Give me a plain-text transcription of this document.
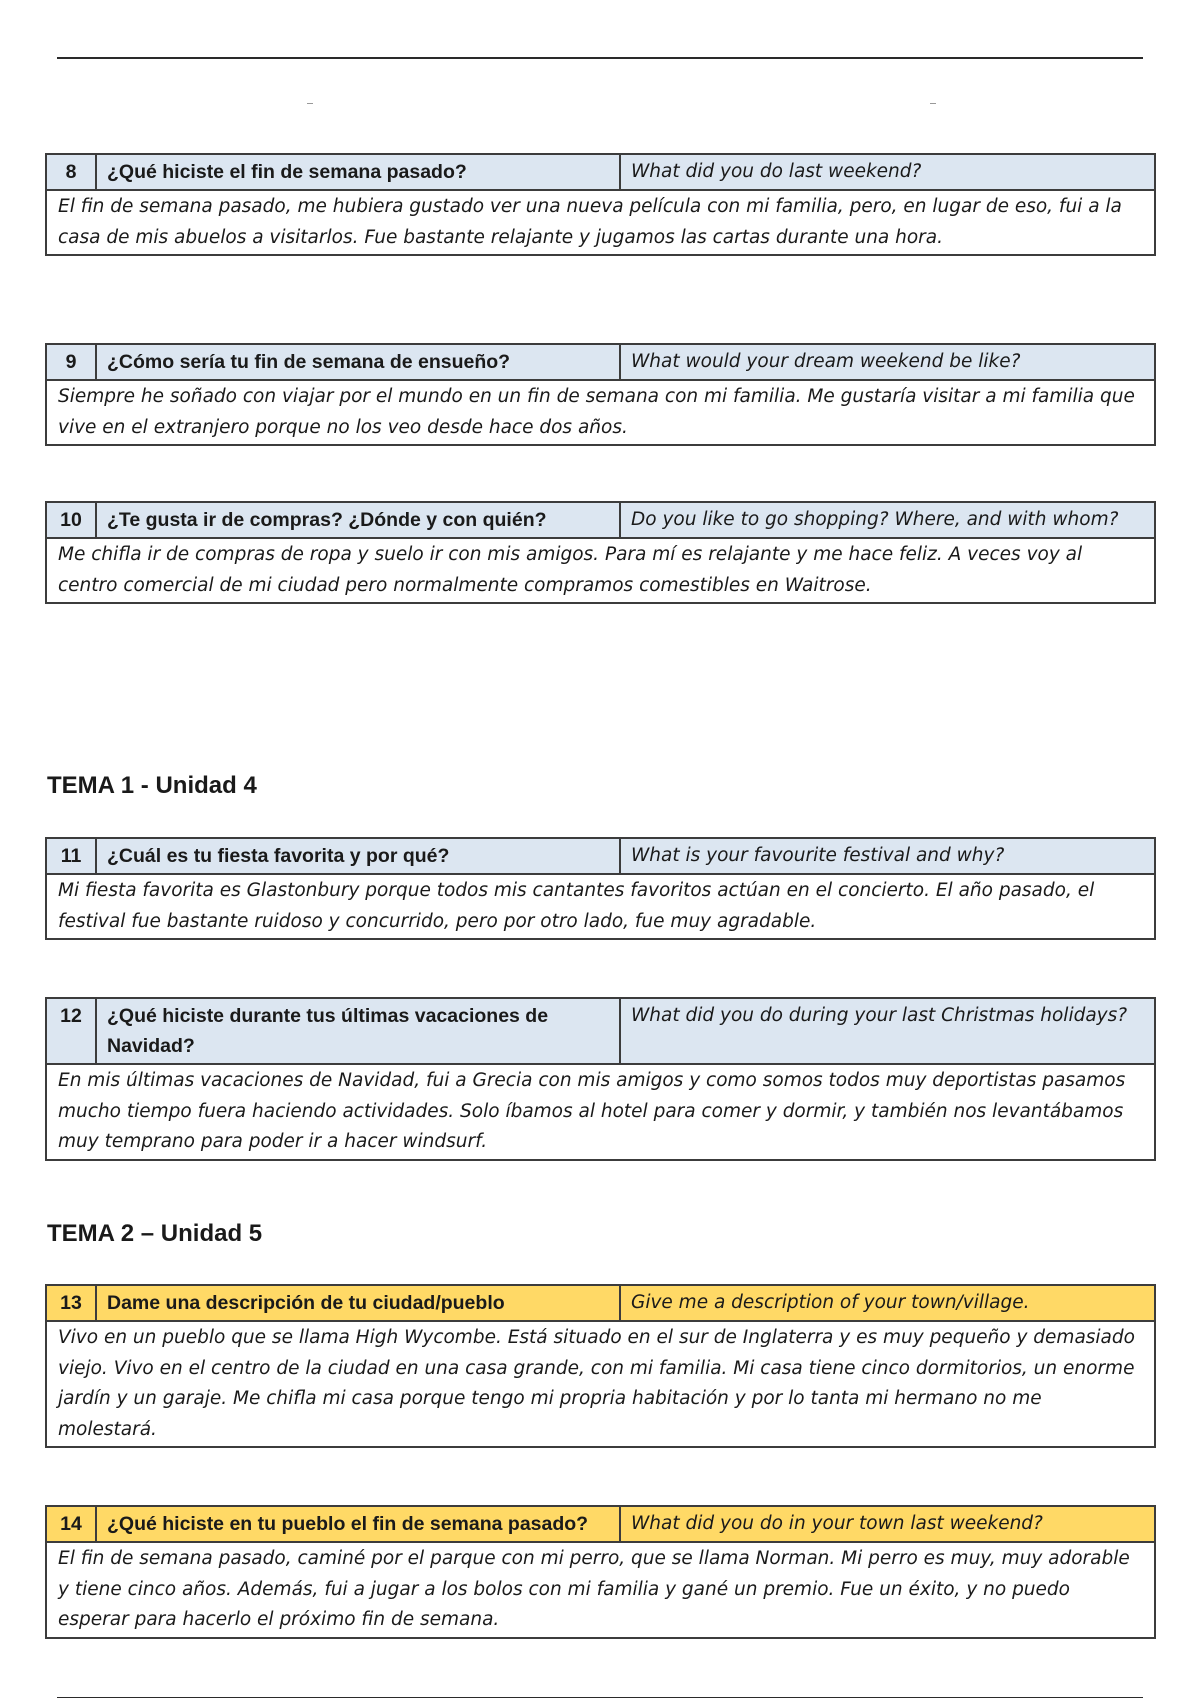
8	¿Qué hiciste el fin de semana pasado?	What did you do last weekend?
El fin de semana pasado, me hubiera gustado ver una nueva película con mi familia, pero, en lugar de eso, fui a la casa de mis abuelos a visitarlos. Fue bastante relajante y jugamos las cartas durante una hora.
9	¿Cómo sería tu fin de semana de ensueño?	What would your dream weekend be like?
Siempre he soñado con viajar por el mundo en un fin de semana con mi familia. Me gustaría visitar a mi familia que vive en el extranjero porque no los veo desde hace dos años.
10	¿Te gusta ir de compras? ¿Dónde y con quién?	Do you like to go shopping? Where, and with whom?
Me chifla ir de compras de ropa y suelo ir con mis amigos. Para mí es relajante y me hace feliz. A veces voy al centro comercial de mi ciudad pero normalmente compramos comestibles en Waitrose.
TEMA 1 - Unidad 4
11	¿Cuál es tu fiesta favorita y por qué?	What is your favourite festival and why?
Mi fiesta favorita es Glastonbury porque todos mis cantantes favoritos actúan en el concierto. El año pasado, el festival fue bastante ruidoso y concurrido, pero por otro lado, fue muy agradable.
12	¿Qué hiciste durante tus últimas vacaciones de Navidad?	What did you do during your last Christmas holidays?
En mis últimas vacaciones de Navidad, fui a Grecia con mis amigos y como somos todos muy deportistas pasamos mucho tiempo fuera haciendo actividades. Solo íbamos al hotel para comer y dormir, y también nos levantábamos muy temprano para poder ir a hacer windsurf.
TEMA 2 – Unidad 5
13	Dame una descripción de tu ciudad/pueblo	Give me a description of your town/village.
Vivo en un pueblo que se llama High Wycombe. Está situado en el sur de Inglaterra y es muy pequeño y demasiado viejo. Vivo en el centro de la ciudad en una casa grande, con mi familia. Mi casa tiene cinco dormitorios, un enorme jardín y un garaje. Me chifla mi casa porque tengo mi propria habitación y por lo tanta mi hermano no me molestará.
14	¿Qué hiciste en tu pueblo el fin de semana pasado?	What did you do in your town last weekend?
El fin de semana pasado, caminé por el parque con mi perro, que se llama Norman. Mi perro es muy, muy adorable y tiene cinco años. Además, fui a jugar a los bolos con mi familia y gané un premio. Fue un éxito, y no puedo esperar para hacerlo el próximo fin de semana.
